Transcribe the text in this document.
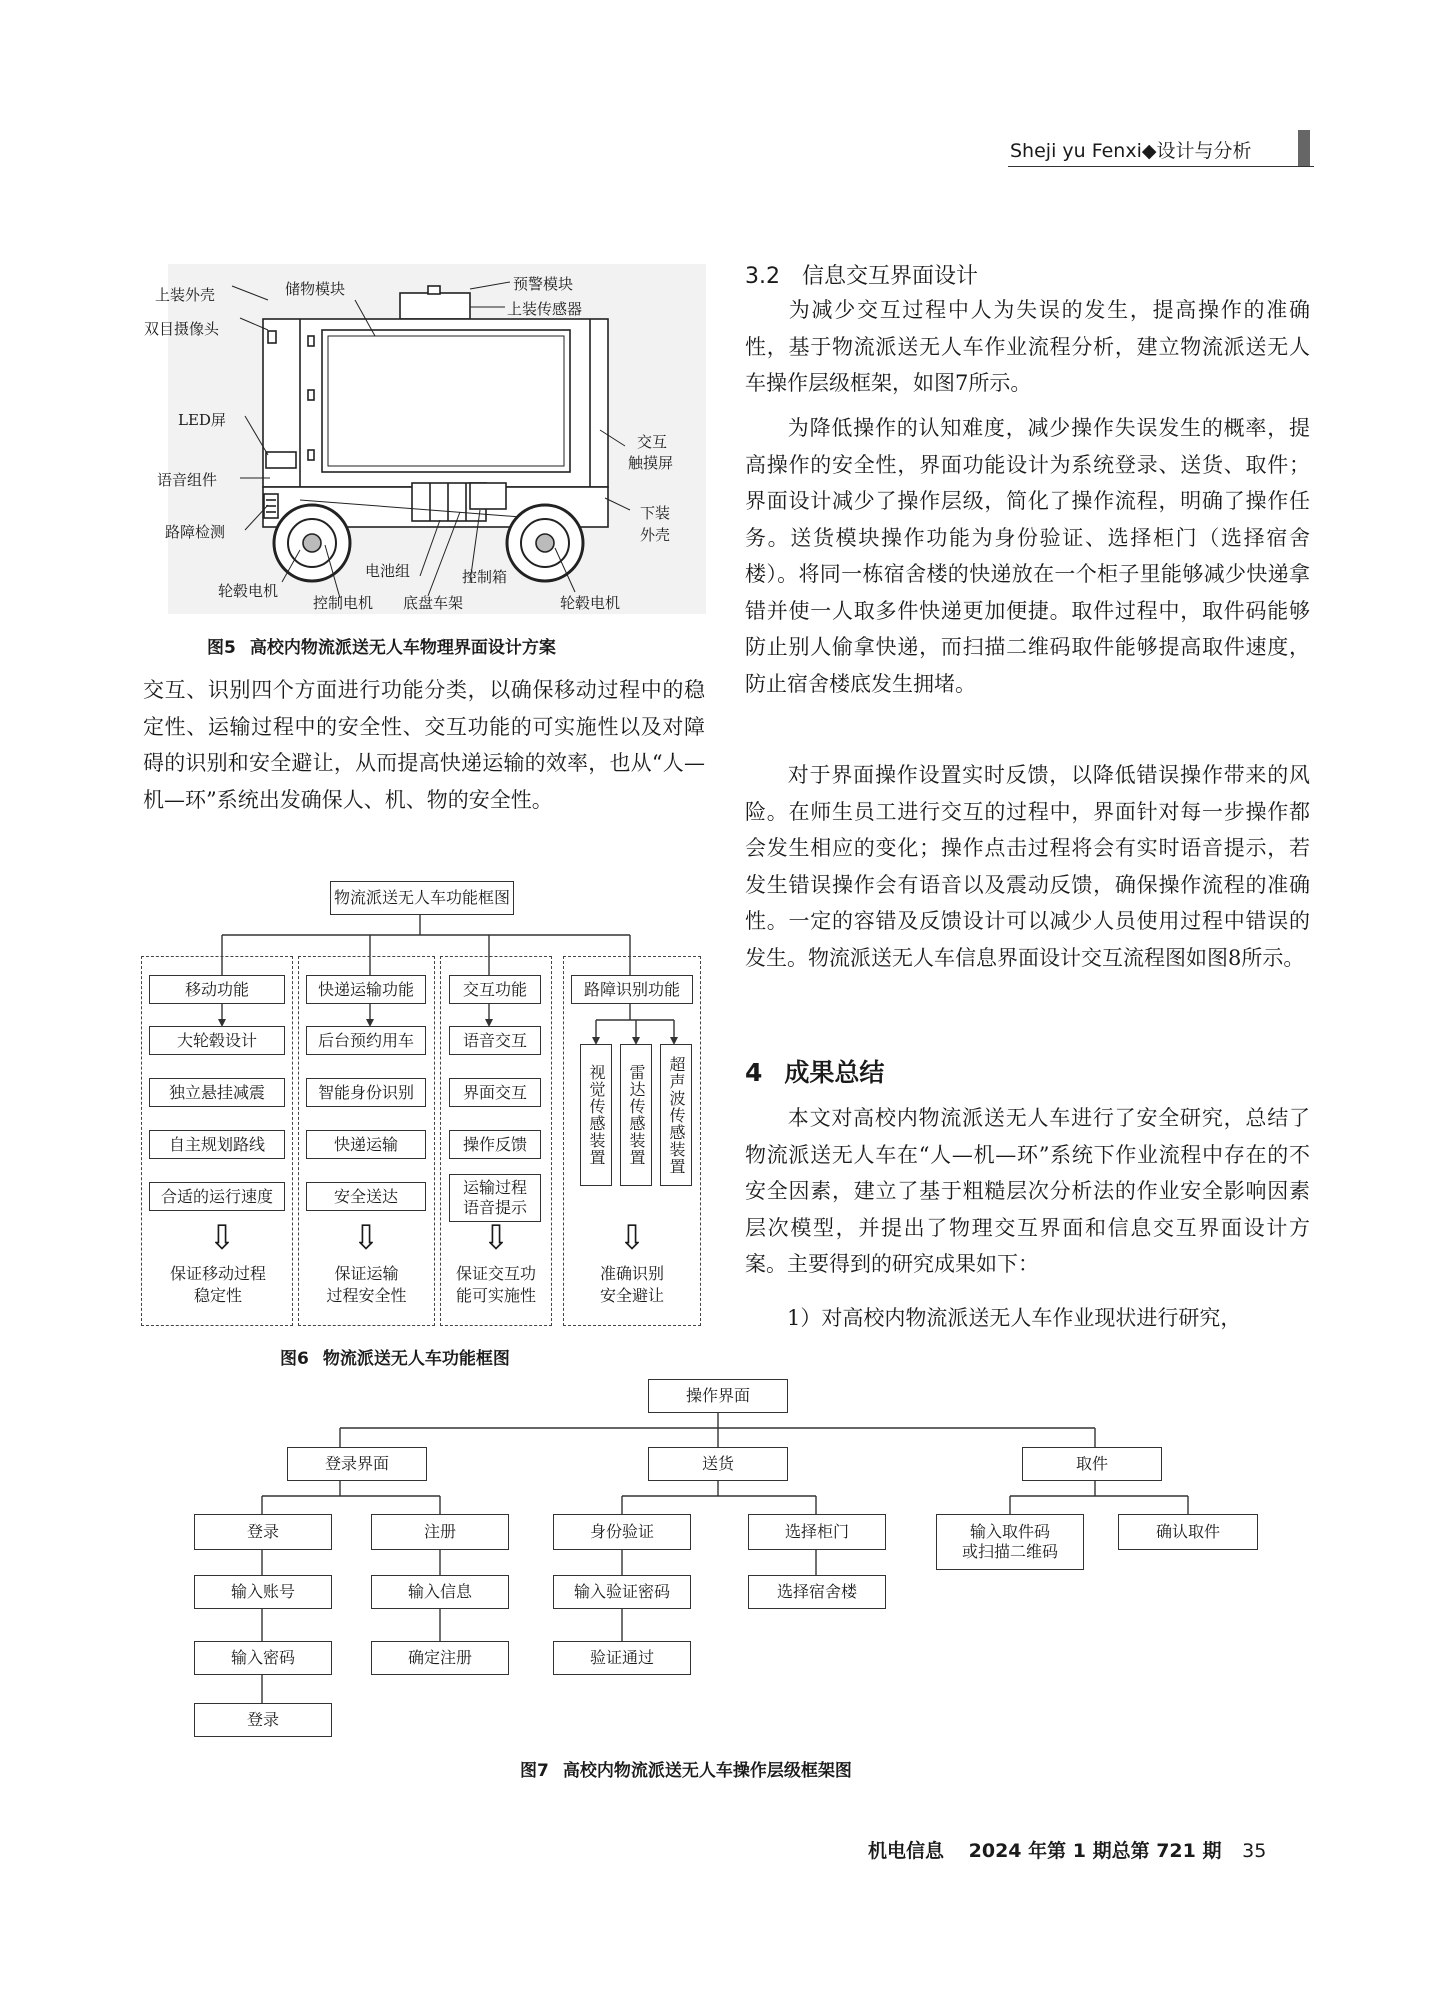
Sheji yu Fenxi◆设计与分析
上装外壳
双目摄像头
储物模块	预警模块
上装传感器
LED屏
语音组件
路障检测
交互
触摸屏
下装
外壳
电池组	控制箱
轮毂电机
控制电机 底盘车架	轮毂电机
图5 高校内物流派送无人车物理界面设计方案

交互、识别四个方面进行功能分类，以确保移动过程中的稳定性、运输过程中的安全性、交互功能的可实施性以及对障碍的识别和安全避让，从而提高快递运输的效率，也从“人—机—环”系统出发确保人、机、物的安全性。

物流派送无人车功能框图
移动功能
大轮毂设计
独立悬挂减震
自主规划路线
合适的运行速度
快递运输功能
后台预约用车
智能身份识别
快递运输
安全送达
交互功能
语音交互
界面交互
操作反馈
运输过程
语音提示
路障识别功能
视觉传感装置 雷达传感装置 超声波传感装置
⇩	⇩	⇩	⇩
保证移动过程
稳定性
保证运输
过程安全性
保证交互功
能可实施性
准确识别
安全避让
图6 物流派送无人车功能框图
3.2 信息交互界面设计

为减少交互过程中人为失误的发生，提高操作的准确性，基于物流派送无人车作业流程分析，建立物流派送无人车操作层级框架，如图7所示。

为降低操作的认知难度，减少操作失误发生的概率，提高操作的安全性，界面功能设计为系统登录、送货、取件；界面设计减少了操作层级，简化了操作流程，明确了操作任务。送货模块操作功能为身份验证、选择柜门（选择宿舍楼）。将同一栋宿舍楼的快递放在一个柜子里能够减少快递拿错并使一人取多件快递更加便捷。取件过程中，取件码能够防止别人偷拿快递，而扫描二维码取件能够提高取件速度，防止宿舍楼底发生拥堵。

对于界面操作设置实时反馈，以降低错误操作带来的风险。在师生员工进行交互的过程中，界面针对每一步操作都会发生相应的变化；操作点击过程将会有实时语音提示，若发生错误操作会有语音以及震动反馈，确保操作流程的准确性。一定的容错及反馈设计可以减少人员使用过程中错误的发生。物流派送无人车信息界面设计交互流程图如图8所示。

4 成果总结

本文对高校内物流派送无人车进行了安全研究，总结了物流派送无人车在“人—机—环”系统下作业流程中存在的不安全因素，建立了基于粗糙层次分析法的作业安全影响因素层次模型，并提出了物理交互界面和信息交互界面设计方案。主要得到的研究成果如下：

1）对高校内物流派送无人车作业现状进行研究，

操作界面
登录界面	送货	取件
登录	注册	身份验证	选择柜门	输入取件码
或扫描二维码
确认取件
输入账号	输入信息	输入验证密码	选择宿舍楼
输入密码	确定注册	验证通过
登录
图7 高校内物流派送无人车操作层级框架图
机电信息 2024 年第 1 期总第 721 期 35
